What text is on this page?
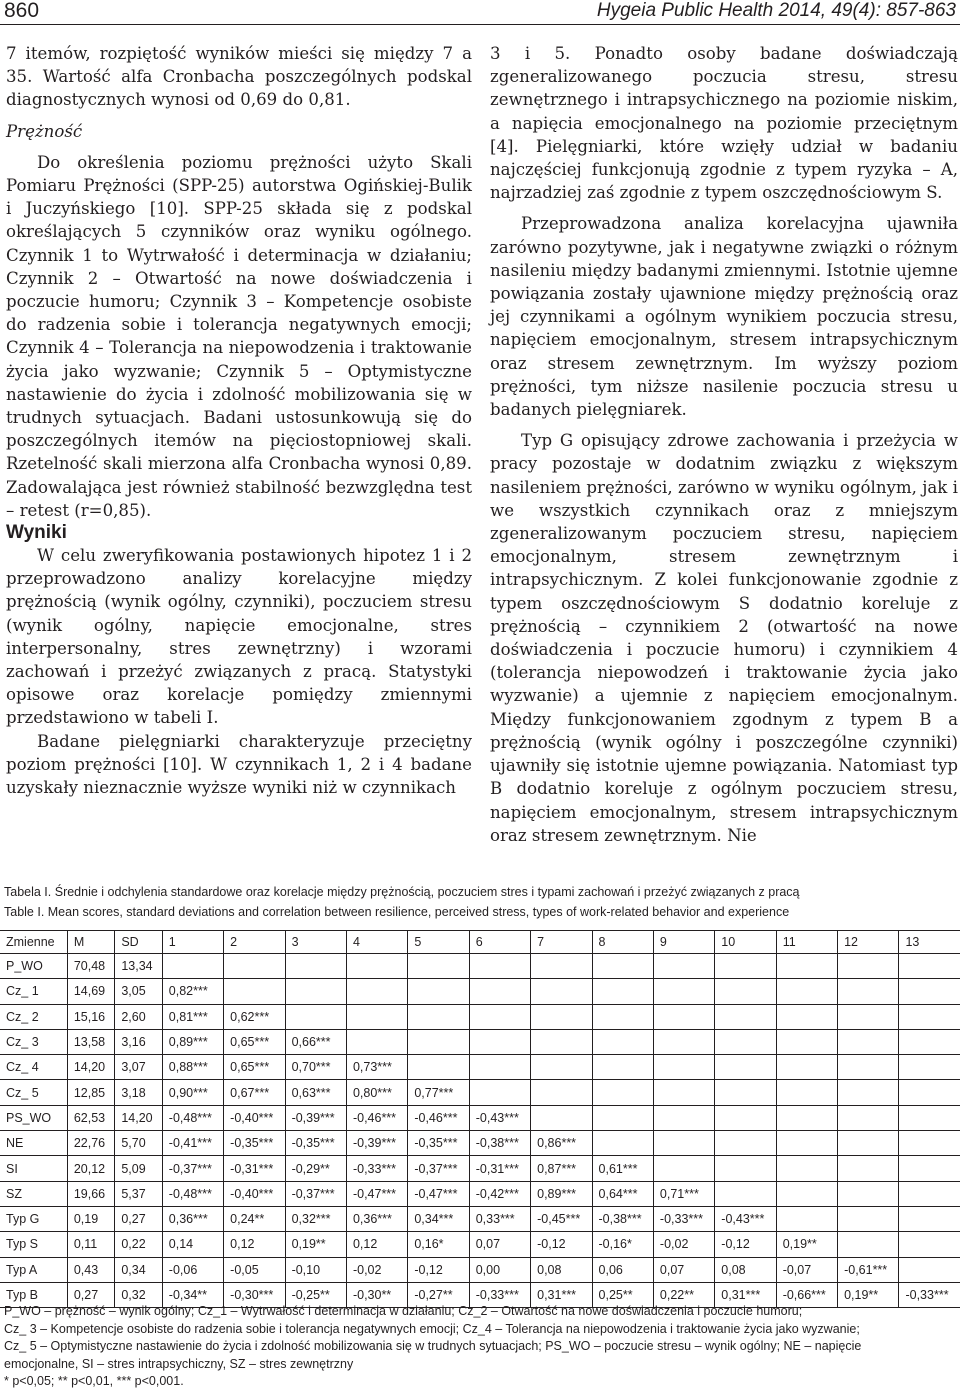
860	Hygeia Public Health 2014, 49(4): 857-863

7 itemów, rozpiętość wyników mieści się między 7 a 35. Wartość alfa Cronbacha poszczególnych podskal diagnostycznych wynosi od 0,69 do 0,81.

Prężność

Do określenia poziomu prężności użyto Skali Pomiaru Prężności (SPP-25) autorstwa Ogińskiej-Bulik i Juczyńskiego [10]. SPP-25 składa się z podskal określających 5 czynników oraz wyniku ogólnego. Czynnik 1 to Wytrwałość i determinacja w działaniu; Czynnik 2 – Otwartość na nowe doświadczenia i poczucie humoru; Czynnik 3 – Kompetencje osobiste do radzenia sobie i tolerancja negatywnych emocji; Czynnik 4 – Tolerancja na niepowodzenia i traktowanie życia jako wyzwanie; Czynnik 5 – Optymistyczne nastawienie do życia i zdolność mobilizowania się w trudnych sytuacjach. Badani ustosunkowują się do poszczególnych itemów na pięciostopniowej skali. Rzetelność skali mierzona alfa Cronbacha wynosi 0,89. Zadowalająca jest również stabilność bezwzględna test – retest (r=0,85).

Wyniki

W celu zweryfikowania postawionych hipotez 1 i 2 przeprowadzono analizy korelacyjne między prężnością (wynik ogólny, czynniki), poczuciem stresu (wynik ogólny, napięcie emocjonalne, stres interpersonalny, stres zewnętrzny) i wzorami zachowań i przeżyć związanych z pracą. Statystyki opisowe oraz korelacje pomiędzy zmiennymi przedstawiono w tabeli I.

Badane pielęgniarki charakteryzuje przeciętny poziom prężności [10]. W czynnikach 1, 2 i 4 badane uzyskały nieznacznie wyższe wyniki niż w czynnikach

3 i 5. Ponadto osoby badane doświadczają zgeneralizowanego poczucia stresu, stresu zewnętrznego i intrapsychicznego na poziomie niskim, a napięcia emocjonalnego na poziomie przeciętnym [4]. Pielęgniarki, które wzięły udział w badaniu najczęściej funkcjonują zgodnie z typem ryzyka – A, najrzadziej zaś zgodnie z typem oszczędnościowym S.

Przeprowadzona analiza korelacyjna ujawniła zarówno pozytywne, jak i negatywne związki o różnym nasileniu między badanymi zmiennymi. Istotnie ujemne powiązania zostały ujawnione między prężnością oraz jej czynnikami a ogólnym wynikiem poczucia stresu, napięciem emocjonalnym, stresem intrapsychicznym oraz stresem zewnętrznym. Im wyższy poziom prężności, tym niższe nasilenie poczucia stresu u badanych pielęgniarek.

Typ G opisujący zdrowe zachowania i przeżycia w pracy pozostaje w dodatnim związku z większym nasileniem prężności, zarówno w wyniku ogólnym, jak i we wszystkich czynnikach oraz z mniejszym zgeneralizowanym poczuciem stresu, napięciem emocjonalnym, stresem zewnętrznym i intrapsychicznym. Z kolei funkcjonowanie zgodnie z typem oszczędnościowym S dodatnio koreluje z prężnością – czynnikiem 2 (otwartość na nowe doświadczenia i poczucie humoru) i czynnikiem 4 (tolerancja niepowodzeń i traktowanie życia jako wyzwanie) a ujemnie z napięciem emocjonalnym. Między funkcjonowaniem zgodnym z typem B a prężnością (wynik ogólny i poszczególne czynniki) ujawniły się istotnie ujemne powiązania. Natomiast typ B dodatnio koreluje z ogólnym poczuciem stresu, napięciem emocjonalnym, stresem intrapsychicznym oraz stresem zewnętrznym. Nie

Tabela I. Średnie i odchylenia standardowe oraz korelacje między prężnością, poczuciem stres i typami zachowań i przeżyć związanych z pracą
Table I. Mean scores, standard deviations and correlation between resilience, perceived stress, types of work-related behavior and experience
Zmienne	M	SD	1	2	3	4	5	6	7	8	9	10	11	12	13
P_WO	70,48	13,34													
Cz_ 1	14,69	3,05	0,82***												
Cz_ 2	15,16	2,60	0,81***	0,62***											
Cz_ 3	13,58	3,16	0,89***	0,65***	0,66***										
Cz_ 4	14,20	3,07	0,88***	0,65***	0,70***	0,73***									
Cz_ 5	12,85	3,18	0,90***	0,67***	0,63***	0,80***	0,77***								
PS_WO	62,53	14,20	-0,48***	-0,40***	-0,39***	-0,46***	-0,46***	-0,43***							
NE	22,76	5,70	-0,41***	-0,35***	-0,35***	-0,39***	-0,35***	-0,38***	0,86***						
SI	20,12	5,09	-0,37***	-0,31***	-0,29**	-0,33***	-0,37***	-0,31***	0,87***	0,61***					
SZ	19,66	5,37	-0,48***	-0,40***	-0,37***	-0,47***	-0,47***	-0,42***	0,89***	0,64***	0,71***				
Typ G	0,19	0,27	0,36***	0,24**	0,32***	0,36***	0,34***	0,33***	-0,45***	-0,38***	-0,33***	-0,43***			
Typ S	0,11	0,22	0,14	0,12	0,19**	0,12	0,16*	0,07	-0,12	-0,16*	-0,02	-0,12	0,19**		
Typ A	0,43	0,34	-0,06	-0,05	-0,10	-0,02	-0,12	0,00	0,08	0,06	0,07	0,08	-0,07	-0,61***	
Typ B	0,27	0,32	-0,34**	-0,30***	-0,25**	-0,30**	-0,27**	-0,33***	0,31***	0,25**	0,22**	0,31***	-0,66***	0,19**	-0,33***
P_WO – prężność – wynik ogólny; Cz_1 – Wytrwałość i determinacja w działaniu; Cz_2 – Otwartość na nowe doświadczenia i poczucie humoru;
Cz_ 3 – Kompetencje osobiste do radzenia sobie i tolerancja negatywnych emocji; Cz_4 – Tolerancja na niepowodzenia i traktowanie życia jako wyzwanie;
Cz_ 5 – Optymistyczne nastawienie do życia i zdolność mobilizowania się w trudnych sytuacjach; PS_WO – poczucie stresu – wynik ogólny; NE – napięcie
emocjonalne, SI – stres intrapsychiczny, SZ – stres zewnętrzny
* p<0,05; ** p<0,01, *** p<0,001.
